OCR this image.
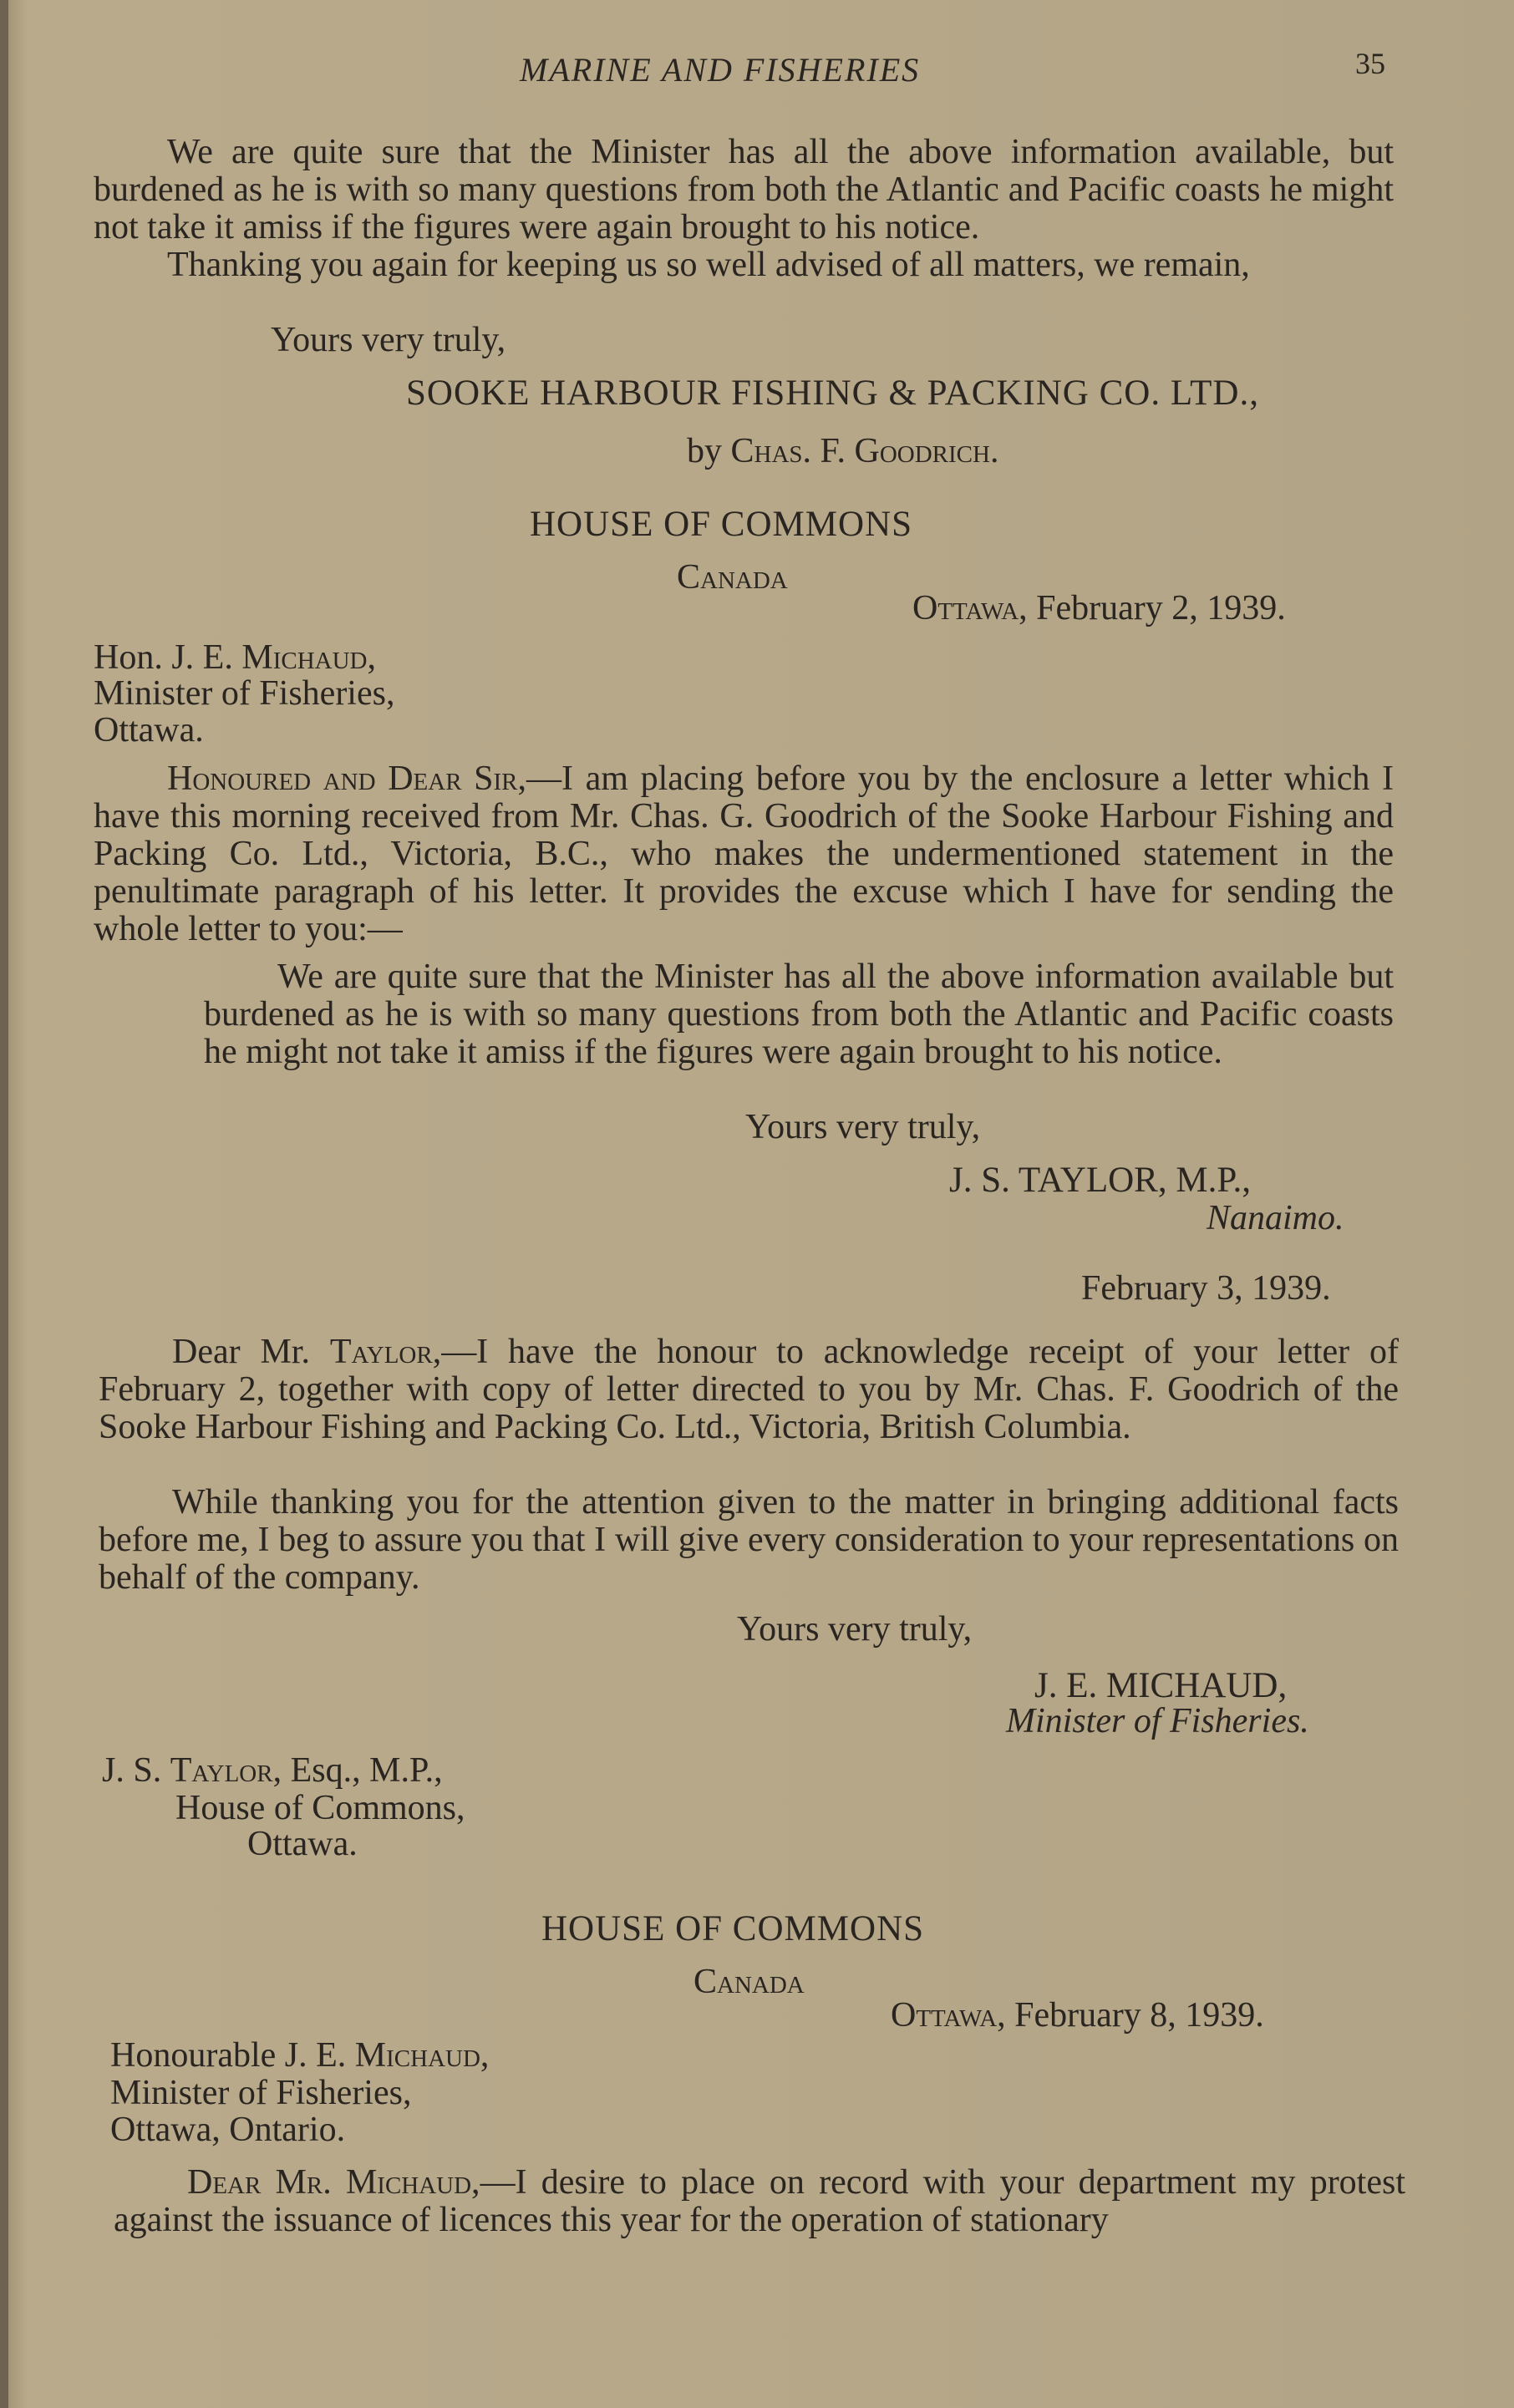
MARINE AND FISHERIES	35

We are quite sure that the Minister has all the above information available, but burdened as he is with so many questions from both the Atlantic and Pacific coasts he might not take it amiss if the figures were again brought to his notice.

Thanking you again for keeping us so well advised of all matters, we remain,

Yours very truly,
SOOKE HARBOUR FISHING & PACKING CO. LTD.,
by Chas. F. Goodrich.
HOUSE OF COMMONS
Canada
Ottawa, February 2, 1939.
Hon. J. E. Michaud,
Minister of Fisheries,
Ottawa.

Honoured and Dear Sir,—I am placing before you by the enclosure a letter which I have this morning received from Mr. Chas. G. Goodrich of the Sooke Harbour Fishing and Packing Co. Ltd., Victoria, B.C., who makes the undermentioned statement in the penultimate paragraph of his letter. It provides the excuse which I have for sending the whole letter to you:—

We are quite sure that the Minister has all the above information available but burdened as he is with so many questions from both the Atlantic and Pacific coasts he might not take it amiss if the figures were again brought to his notice.

Yours very truly,
J. S. TAYLOR, M.P.,
Nanaimo.
February 3, 1939.

Dear Mr. Taylor,—I have the honour to acknowledge receipt of your letter of February 2, together with copy of letter directed to you by Mr. Chas. F. Goodrich of the Sooke Harbour Fishing and Packing Co. Ltd., Victoria, British Columbia.

While thanking you for the attention given to the matter in bringing additional facts before me, I beg to assure you that I will give every consideration to your representations on behalf of the company.

Yours very truly,
J. E. MICHAUD,
Minister of Fisheries.
J. S. Taylor, Esq., M.P.,
House of Commons,
Ottawa.
HOUSE OF COMMONS
Canada
Ottawa, February 8, 1939.
Honourable J. E. Michaud,
Minister of Fisheries,
Ottawa, Ontario.

Dear Mr. Michaud,—I desire to place on record with your department my protest against the issuance of licences this year for the operation of stationary
